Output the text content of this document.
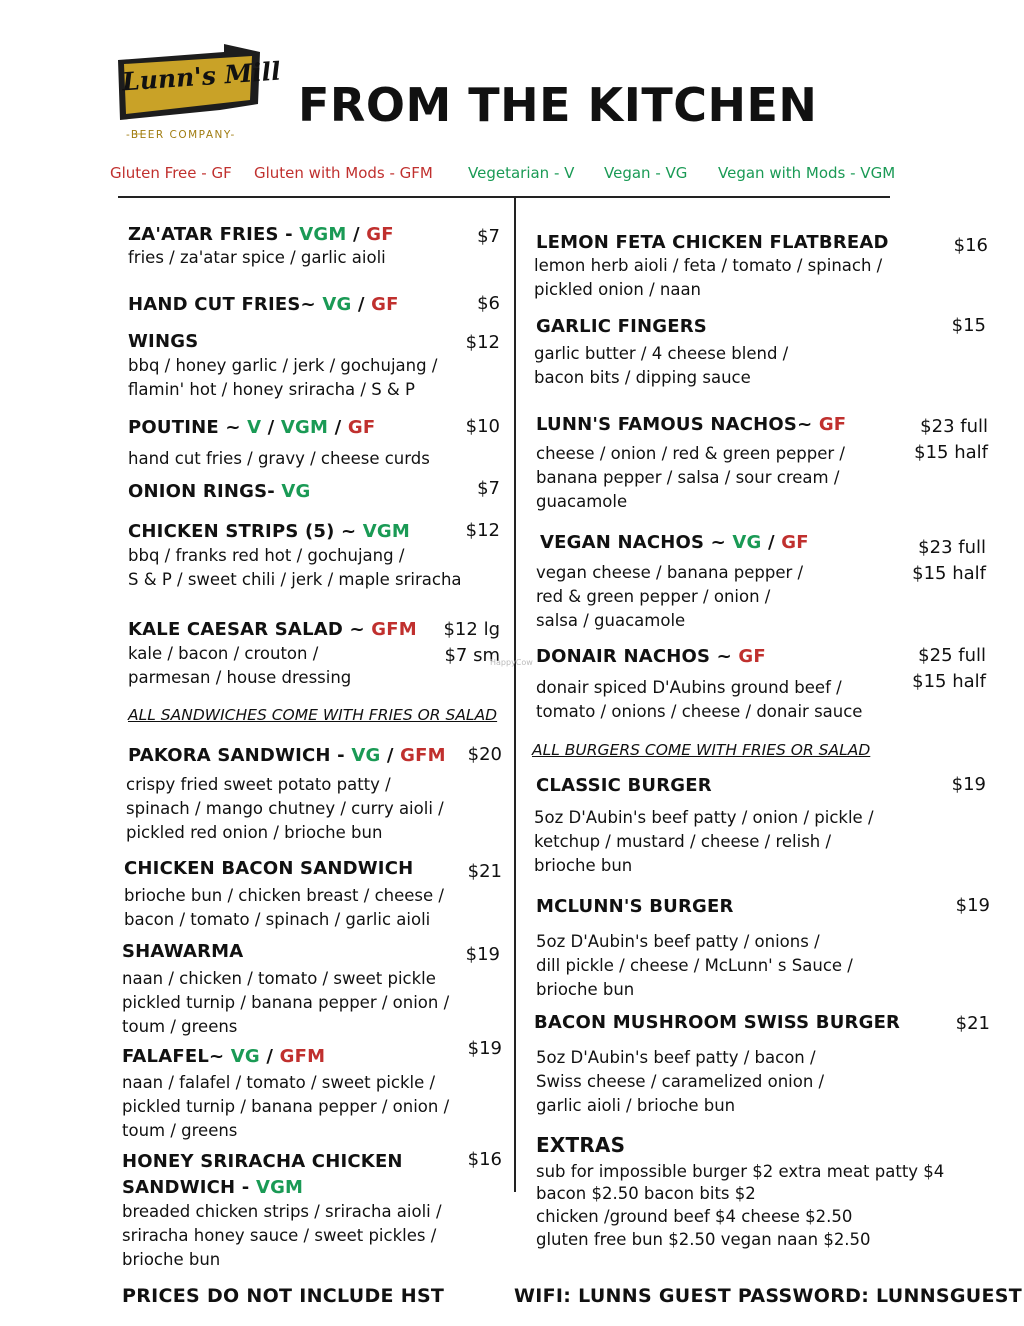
Lunn's Mill
-BEER COMPANY-
FROM THE KITCHEN
Gluten Free - GF Gluten with Mods - GFM Vegetarian - V Vegan - VG Vegan with Mods - VGM
ZA'ATAR FRIES - VGM / GF	$7
fries / za'atar spice / garlic aioli
HAND CUT FRIES~ VG / GF	$6
WINGS	$12
bbq / honey garlic / jerk / gochujang /
flamin' hot / honey sriracha / S & P
POUTINE ~ V / VGM / GF	$10
hand cut fries / gravy / cheese curds
ONION RINGS- VG	$7
CHICKEN STRIPS (5) ~ VGM	$12
bbq / franks red hot / gochujang /
S & P / sweet chili / jerk / maple sriracha
KALE CAESAR SALAD ~ GFM $12 lg
$7 sm
kale / bacon / crouton /
parmesan / house dressing
ALL SANDWICHES COME WITH FRIES OR SALAD
PAKORA SANDWICH - VG / GFM $20
crispy fried sweet potato patty /
spinach / mango chutney / curry aioli /
pickled red onion / brioche bun
CHICKEN BACON SANDWICH	$21
brioche bun / chicken breast / cheese /
bacon / tomato / spinach / garlic aioli
SHAWARMA	$19
naan / chicken / tomato / sweet pickle
pickled turnip / banana pepper / onion /
toum / greens
FALAFEL~ VG / GFM	$19
naan / falafel / tomato / sweet pickle /
pickled turnip / banana pepper / onion /
toum / greens
HONEY SRIRACHA CHICKEN
SANDWICH - VGM
$16
breaded chicken strips / sriracha aioli /
sriracha honey sauce / sweet pickles /
brioche bun
LEMON FETA CHICKEN FLATBREAD	$16
lemon herb aioli / feta / tomato / spinach /
pickled onion / naan
GARLIC FINGERS	$15
garlic butter / 4 cheese blend /
bacon bits / dipping sauce
LUNN'S FAMOUS NACHOS~ GF	$23 full
$15 half
cheese / onion / red & green pepper /
banana pepper / salsa / sour cream /
guacamole
VEGAN NACHOS ~ VG / GF	$23 full
$15 half
vegan cheese / banana pepper /
red & green pepper / onion /
salsa / guacamole
DONAIR NACHOS ~ GF	$25 full
$15 half
donair spiced D'Aubins ground beef /
tomato / onions / cheese / donair sauce
ALL BURGERS COME WITH FRIES OR SALAD
CLASSIC BURGER	$19
5oz D'Aubin's beef patty / onion / pickle /
ketchup / mustard / cheese / relish /
brioche bun
MCLUNN'S BURGER	$19
5oz D'Aubin's beef patty / onions /
dill pickle / cheese / McLunn' s Sauce /
brioche bun
BACON MUSHROOM SWISS BURGER	$21
5oz D'Aubin's beef patty / bacon /
Swiss cheese / caramelized onion /
garlic aioli / brioche bun
EXTRAS
sub for impossible burger $2 extra meat patty $4
bacon $2.50 bacon bits $2
chicken /ground beef $4 cheese $2.50
gluten free bun $2.50 vegan naan $2.50
HappyCow
PRICES DO NOT INCLUDE HST	WIFI: LUNNS GUEST PASSWORD: LUNNSGUEST
